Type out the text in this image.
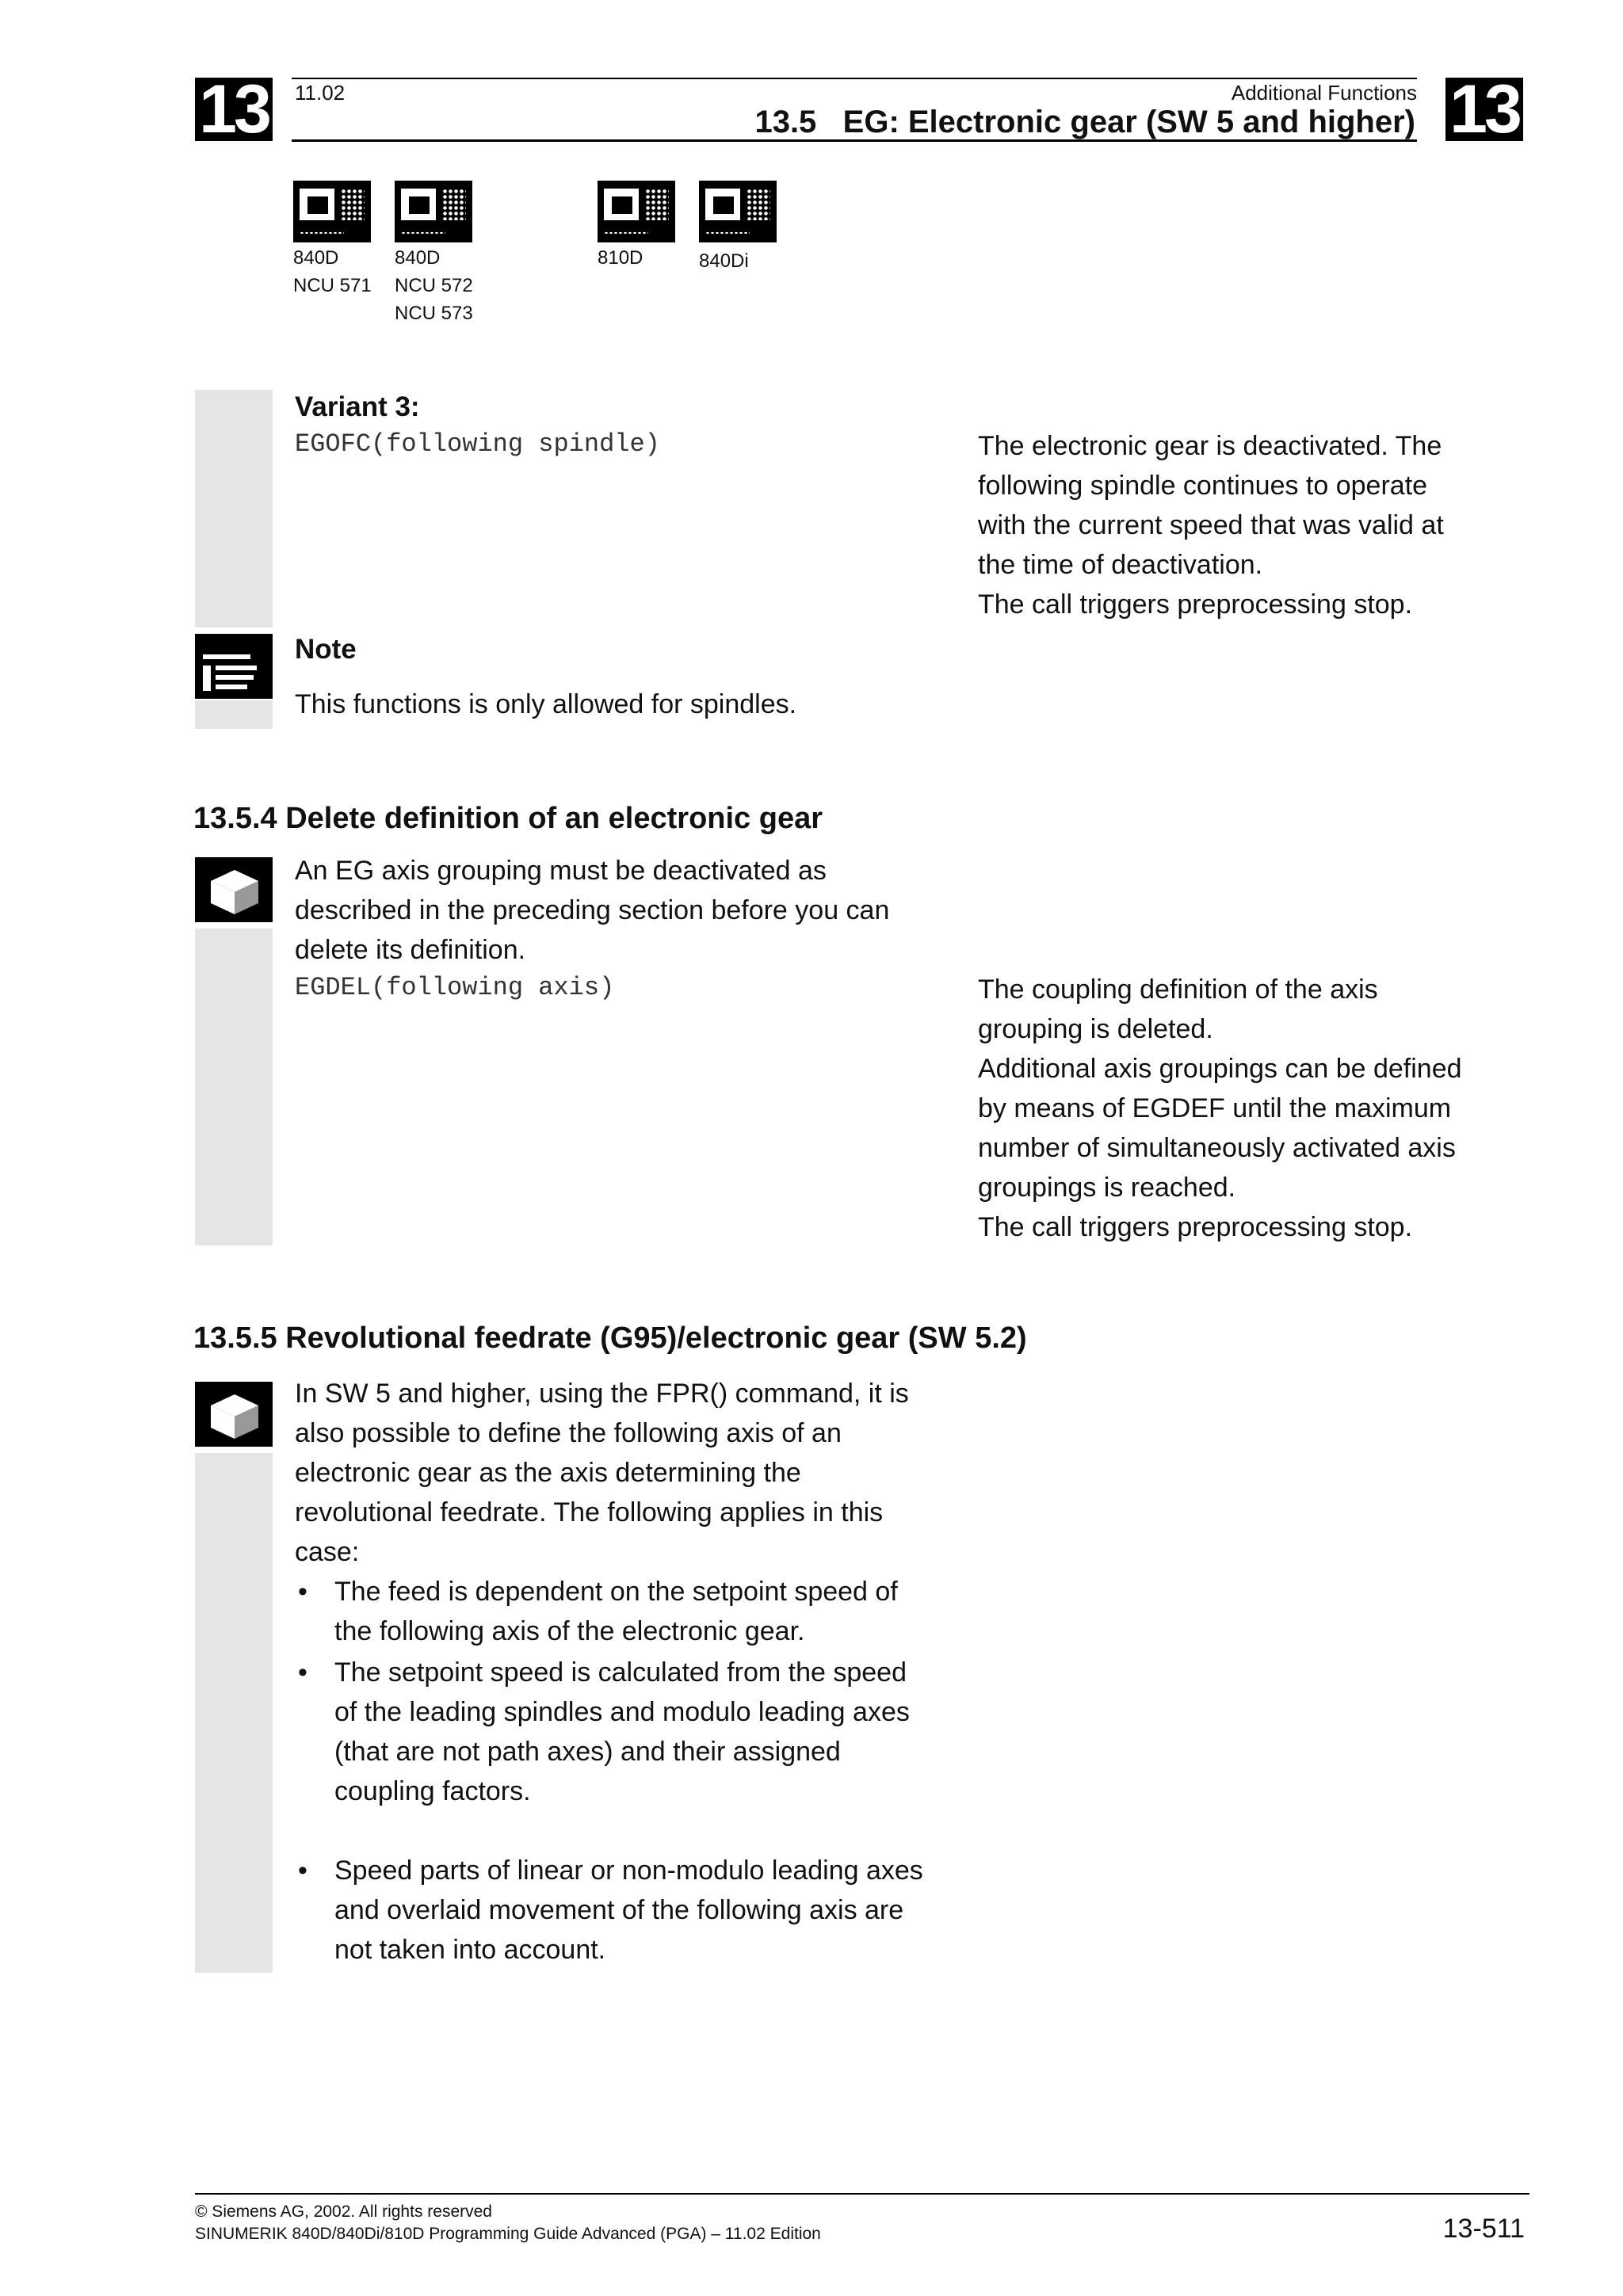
13	13
11.02	Additional Functions
13.5   EG: Electronic gear (SW 5 and higher)
840D
NCU 571
840D
NCU 572
NCU 573
810D	840Di
Variant 3:
EGOFC(following spindle)	The electronic gear is deactivated. The
following spindle continues to operate
with the current speed that was valid at
the time of deactivation.
The call triggers preprocessing stop.
Note
This functions is only allowed for spindles.
13.5.4 Delete definition of an electronic gear
An EG axis grouping must be deactivated as
described in the preceding section before you can
delete its definition.
EGDEL(following axis)	The coupling definition of the axis
grouping is deleted.
Additional axis groupings can be defined
by means of EGDEF until the maximum
number of simultaneously activated axis
groupings is reached.
The call triggers preprocessing stop.
13.5.5 Revolutional feedrate (G95)/electronic gear (SW 5.2)
In SW 5 and higher, using the FPR() command, it is
also possible to define the following axis of an
electronic gear as the axis determining the
revolutional feedrate. The following applies in this
case:
• The feed is dependent on the setpoint speed of
the following axis of the electronic gear.
• The setpoint speed is calculated from the speed
of the leading spindles and modulo leading axes
(that are not path axes) and their assigned
coupling factors.
• Speed parts of linear or non-modulo leading axes
and overlaid movement of the following axis are
not taken into account.
© Siemens AG, 2002. All rights reserved
SINUMERIK 840D/840Di/810D Programming Guide Advanced (PGA) – 11.02 Edition	13-511
